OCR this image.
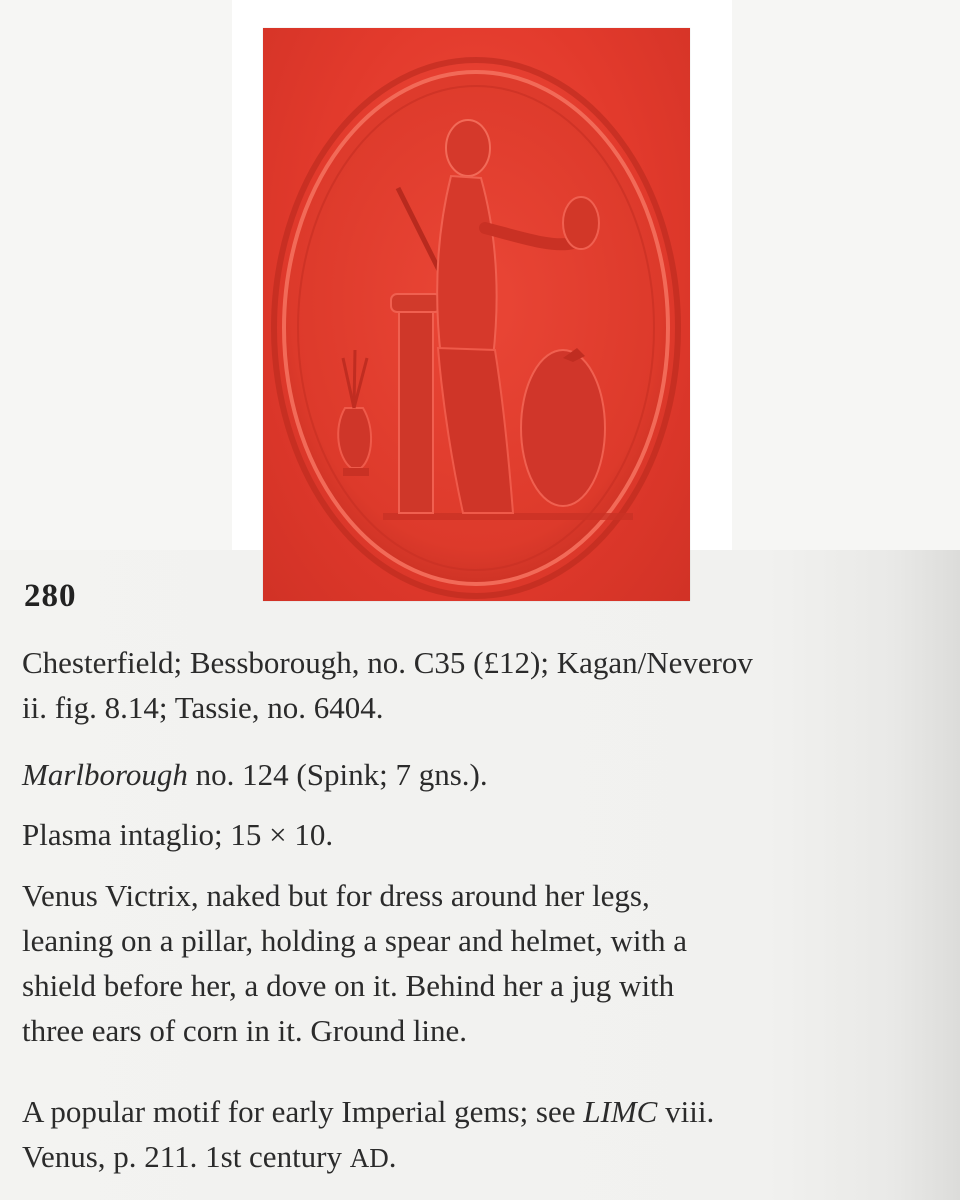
280

Chesterfield; Bessborough, no. C35 (£12); Kagan/Neverov
ii. fig. 8.14; Tassie, no. 6404.

Marlborough no. 124 (Spink; 7 gns.).

Plasma intaglio; 15 × 10.

Venus Victrix, naked but for dress around her legs,
leaning on a pillar, holding a spear and helmet, with a
shield before her, a dove on it. Behind her a jug with
three ears of corn in it. Ground line.

A popular motif for early Imperial gems; see LIMC viii.
Venus, p. 211. 1st century AD.
